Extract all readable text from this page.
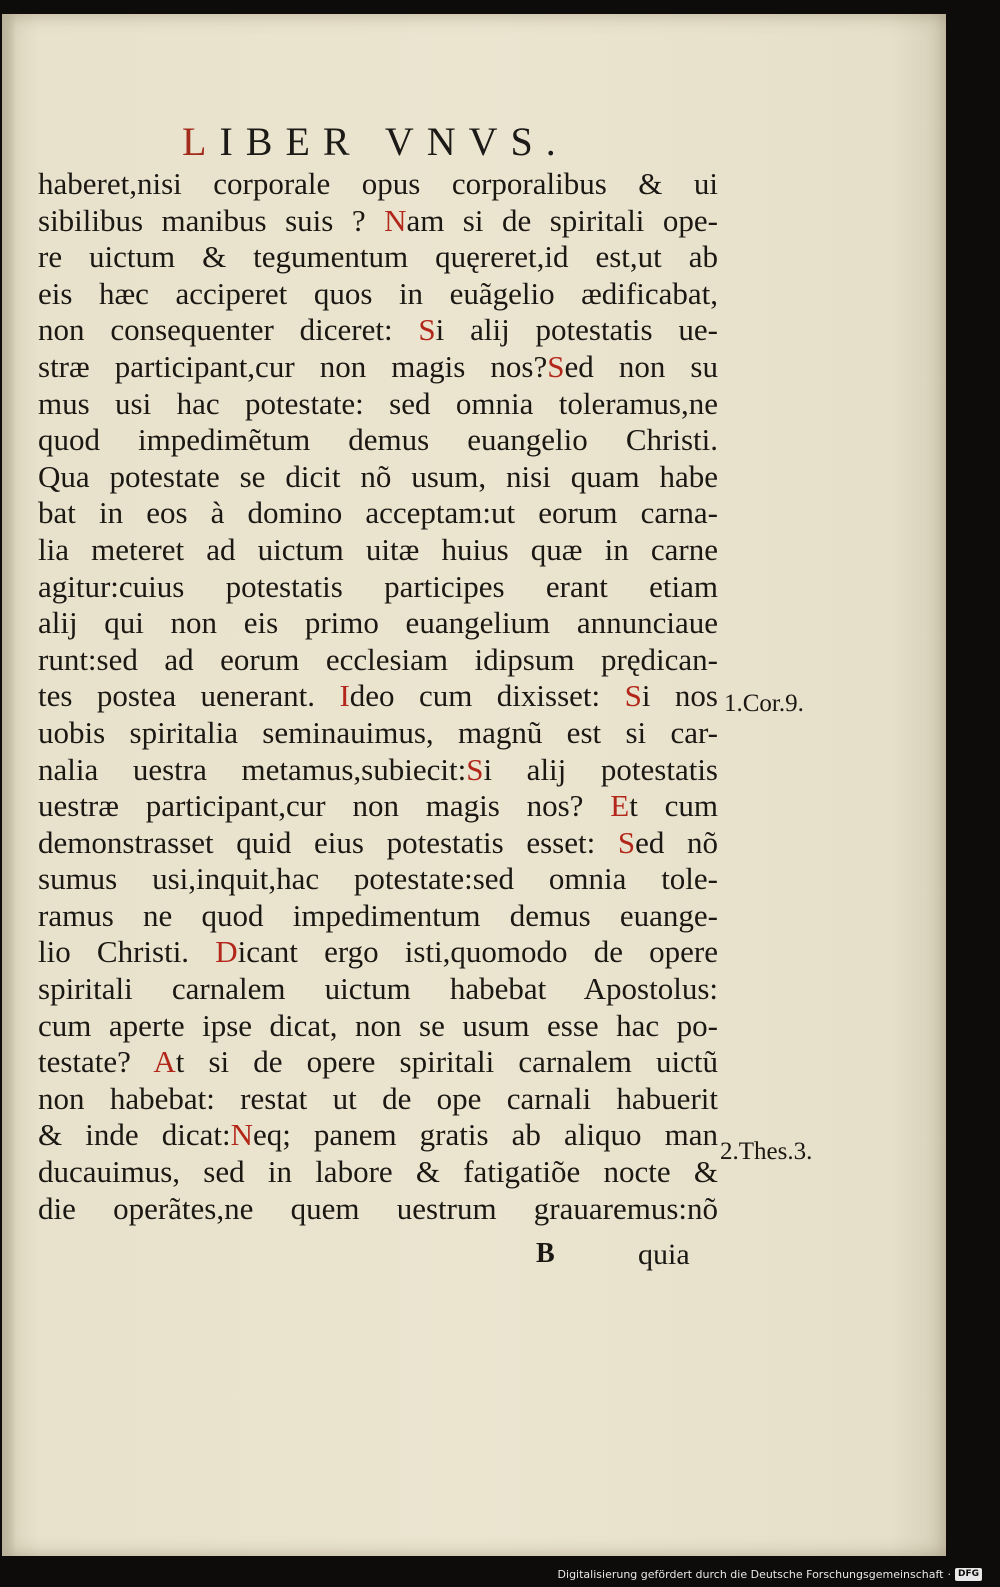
LIBER VNVS.
haberet,nisi corporale opus corporalibus & ui
sibilibus manibus suis ? Nam si de spiritali ope-
re uictum & tegumentum quęreret,id est,ut ab
eis hæc acciperet quos in euãgelio ædificabat,
non consequenter diceret: Si alij potestatis ue-
stræ participant,cur non magis nos?Sed non su
mus usi hac potestate: sed omnia toleramus,ne
quod impedimẽtum demus euangelio Christi.
Qua potestate se dicit nõ usum, nisi quam habe
bat in eos à domino acceptam:ut eorum carna-
lia meteret ad uictum uitæ huius quæ in carne
agitur:cuius potestatis participes erant etiam
alij qui non eis primo euangelium annunciaue
runt:sed ad eorum ecclesiam idipsum prędican-
tes postea uenerant. Ideo cum dixisset: Si nos
uobis spiritalia seminauimus, magnũ est si car-
nalia uestra metamus,subiecit:Si alij potestatis
uestræ participant,cur non magis nos? Et cum
demonstrasset quid eius potestatis esset: Sed nõ
sumus usi,inquit,hac potestate:sed omnia tole-
ramus ne quod impedimentum demus euange-
lio Christi. Dicant ergo isti,quomodo de opere
spiritali carnalem uictum habebat Apostolus:
cum aperte ipse dicat, non se usum esse hac po-
testate? At si de opere spiritali carnalem uictũ
non habebat: restat ut de ope carnali habuerit
& inde dicat:Neq; panem gratis ab aliquo man
ducauimus, sed in labore & fatigatiõe nocte &
die operãtes,ne quem uestrum grauaremus:nõ
1.Cor.9.
2.Thes.3.
B	quia
Digitalisierung gefördert durch die Deutsche Forschungsgemeinschaft · DFG
